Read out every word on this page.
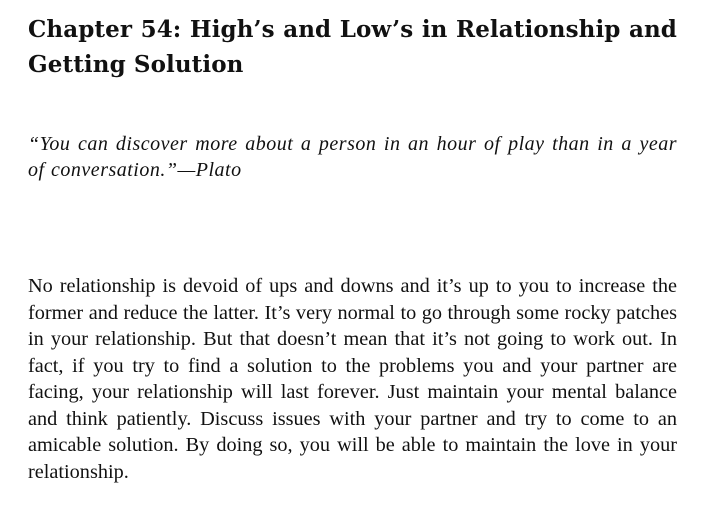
Chapter 54: High’s and Low’s in Relationship and Getting Solution

“You can discover more about a person in an hour of play than in a year of conversation.”—Plato

No relationship is devoid of ups and downs and it’s up to you to increase the former and reduce the latter. It’s very normal to go through some rocky patches in your relationship. But that doesn’t mean that it’s not going to work out. In fact, if you try to find a solution to the problems you and your partner are facing, your relationship will last forever. Just maintain your mental balance and think patiently. Discuss issues with your partner and try to come to an amicable solution. By doing so, you will be able to maintain the love in your relationship.
